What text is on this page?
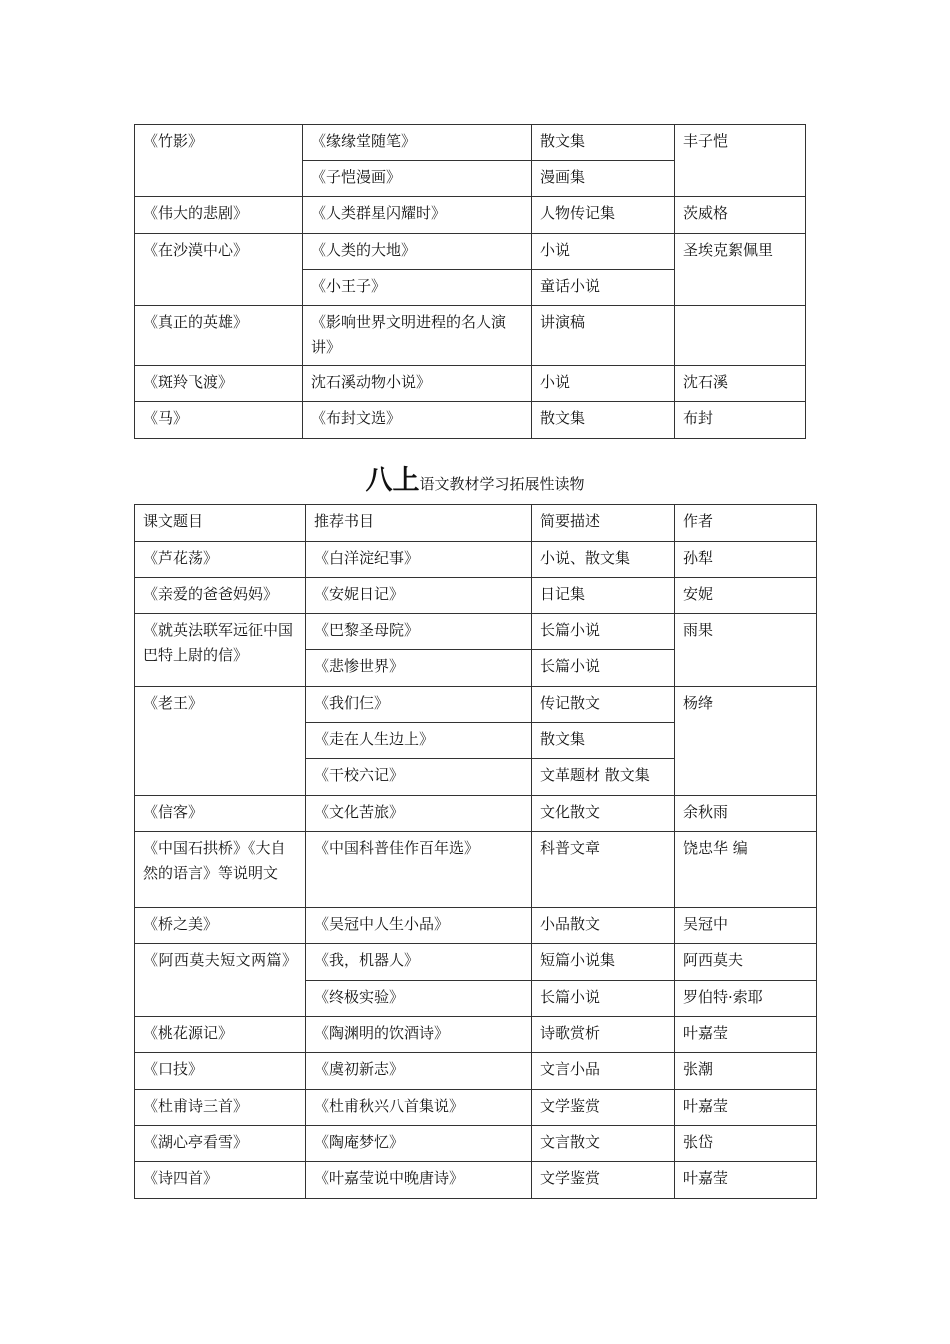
《竹影》	《缘缘堂随笔》	散文集	丰子恺
	《子恺漫画》	漫画集	
《伟大的悲剧》	《人类群星闪耀时》	人物传记集	茨威格
《在沙漠中心》	《人类的大地》	小说	圣埃克絮佩里
	《小王子》	童话小说	
《真正的英雄》	《影响世界文明进程的名人演讲》	讲演稿	
《斑羚飞渡》	沈石溪动物小说》	小说	沈石溪
《马》	《布封文选》	散文集	布封
八上语文教材学习拓展性读物
课文题目	推荐书目	简要描述	作者
《芦花荡》	《白洋淀纪事》	小说、散文集	孙犁
《亲爱的爸爸妈妈》	《安妮日记》	日记集	安妮
《就英法联军远征中国巴特上尉的信》	《巴黎圣母院》	长篇小说	雨果
	《悲惨世界》	长篇小说	
《老王》	《我们仨》	传记散文	杨绛
	《走在人生边上》	散文集	
	《干校六记》	文革题材 散文集	
《信客》	《文化苦旅》	文化散文	余秋雨
《中国石拱桥》《大自然的语言》等说明文	《中国科普佳作百年选》	科普文章	饶忠华 编
《桥之美》	《吴冠中人生小品》	小品散文	吴冠中
《阿西莫夫短文两篇》	《我，机器人》	短篇小说集	阿西莫夫
	《终极实验》	长篇小说	罗伯特·索耶
《桃花源记》	《陶渊明的饮酒诗》	诗歌赏析	叶嘉莹
《口技》	《虞初新志》	文言小品	张潮
《杜甫诗三首》	《杜甫秋兴八首集说》	文学鉴赏	叶嘉莹
《湖心亭看雪》	《陶庵梦忆》	文言散文	张岱
《诗四首》	《叶嘉莹说中晚唐诗》	文学鉴赏	叶嘉莹
